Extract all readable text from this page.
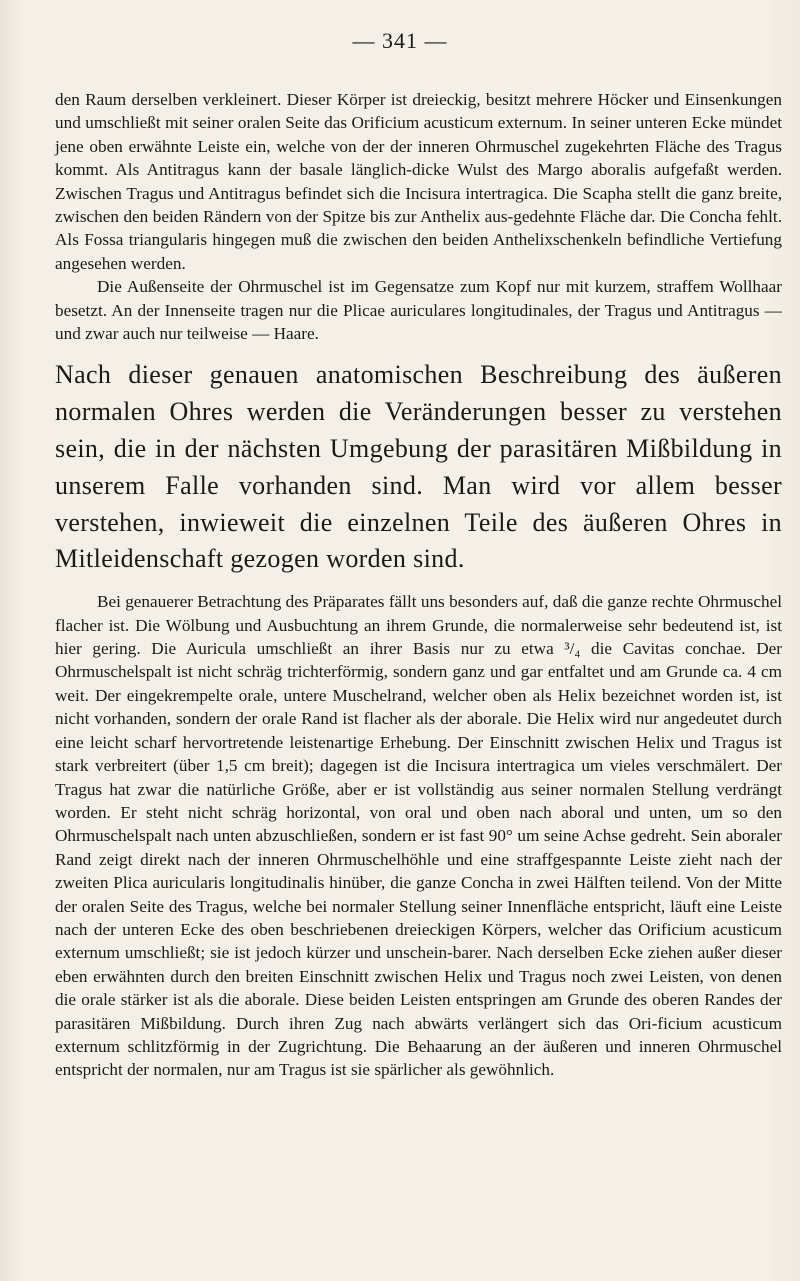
— 341 —

den Raum derselben verkleinert. Dieser Körper ist dreieckig, besitzt mehrere Höcker und Einsenkungen und umschließt mit seiner oralen Seite das Orificium acusticum externum. In seiner unteren Ecke mündet jene oben erwähnte Leiste ein, welche von der der inneren Ohrmuschel zugekehrten Fläche des Tragus kommt. Als Antitragus kann der basale länglich-dicke Wulst des Margo aboralis aufgefaßt werden. Zwischen Tragus und Antitragus befindet sich die Incisura intertragica. Die Scapha stellt die ganz breite, zwischen den beiden Rändern von der Spitze bis zur Anthelix aus-gedehnte Fläche dar. Die Concha fehlt. Als Fossa triangularis hingegen muß die zwischen den beiden Anthelixschenkeln befindliche Vertiefung angesehen werden.

Die Außenseite der Ohrmuschel ist im Gegensatze zum Kopf nur mit kurzem, straffem Wollhaar besetzt. An der Innenseite tragen nur die Plicae auriculares longitudinales, der Tragus und Antitragus — und zwar auch nur teilweise — Haare.

Nach dieser genauen anatomischen Beschreibung des äußeren normalen Ohres werden die Veränderungen besser zu verstehen sein, die in der nächsten Umgebung der parasitären Mißbildung in unserem Falle vorhanden sind. Man wird vor allem besser verstehen, inwieweit die einzelnen Teile des äußeren Ohres in Mitleidenschaft gezogen worden sind.

Bei genauerer Betrachtung des Präparates fällt uns besonders auf, daß die ganze rechte Ohrmuschel flacher ist. Die Wölbung und Ausbuchtung an ihrem Grunde, die normalerweise sehr bedeutend ist, ist hier gering. Die Auricula umschließt an ihrer Basis nur zu etwa ³/₄ die Cavitas conchae. Der Ohrmuschelspalt ist nicht schräg trichterförmig, sondern ganz und gar entfaltet und am Grunde ca. 4 cm weit. Der eingekrempelte orale, untere Muschelrand, welcher oben als Helix bezeichnet worden ist, ist nicht vorhanden, sondern der orale Rand ist flacher als der aborale. Die Helix wird nur angedeutet durch eine leicht scharf hervortretende leistenartige Erhebung. Der Einschnitt zwischen Helix und Tragus ist stark verbreitert (über 1,5 cm breit); dagegen ist die Incisura intertragica um vieles verschmälert. Der Tragus hat zwar die natürliche Größe, aber er ist vollständig aus seiner normalen Stellung verdrängt worden. Er steht nicht schräg horizontal, von oral und oben nach aboral und unten, um so den Ohrmuschelspalt nach unten abzuschließen, sondern er ist fast 90° um seine Achse gedreht. Sein aboraler Rand zeigt direkt nach der inneren Ohrmuschelhöhle und eine straffgespannte Leiste zieht nach der zweiten Plica auricularis longitudinalis hinüber, die ganze Concha in zwei Hälften teilend. Von der Mitte der oralen Seite des Tragus, welche bei normaler Stellung seiner Innenfläche entspricht, läuft eine Leiste nach der unteren Ecke des oben beschriebenen dreieckigen Körpers, welcher das Orificium acusticum externum umschließt; sie ist jedoch kürzer und unschein-barer. Nach derselben Ecke ziehen außer dieser eben erwähnten durch den breiten Einschnitt zwischen Helix und Tragus noch zwei Leisten, von denen die orale stärker ist als die aborale. Diese beiden Leisten entspringen am Grunde des oberen Randes der parasitären Mißbildung. Durch ihren Zug nach abwärts verlängert sich das Ori-ficium acusticum externum schlitzförmig in der Zugrichtung. Die Behaarung an der äußeren und inneren Ohrmuschel entspricht der normalen, nur am Tragus ist sie spärlicher als gewöhnlich.
